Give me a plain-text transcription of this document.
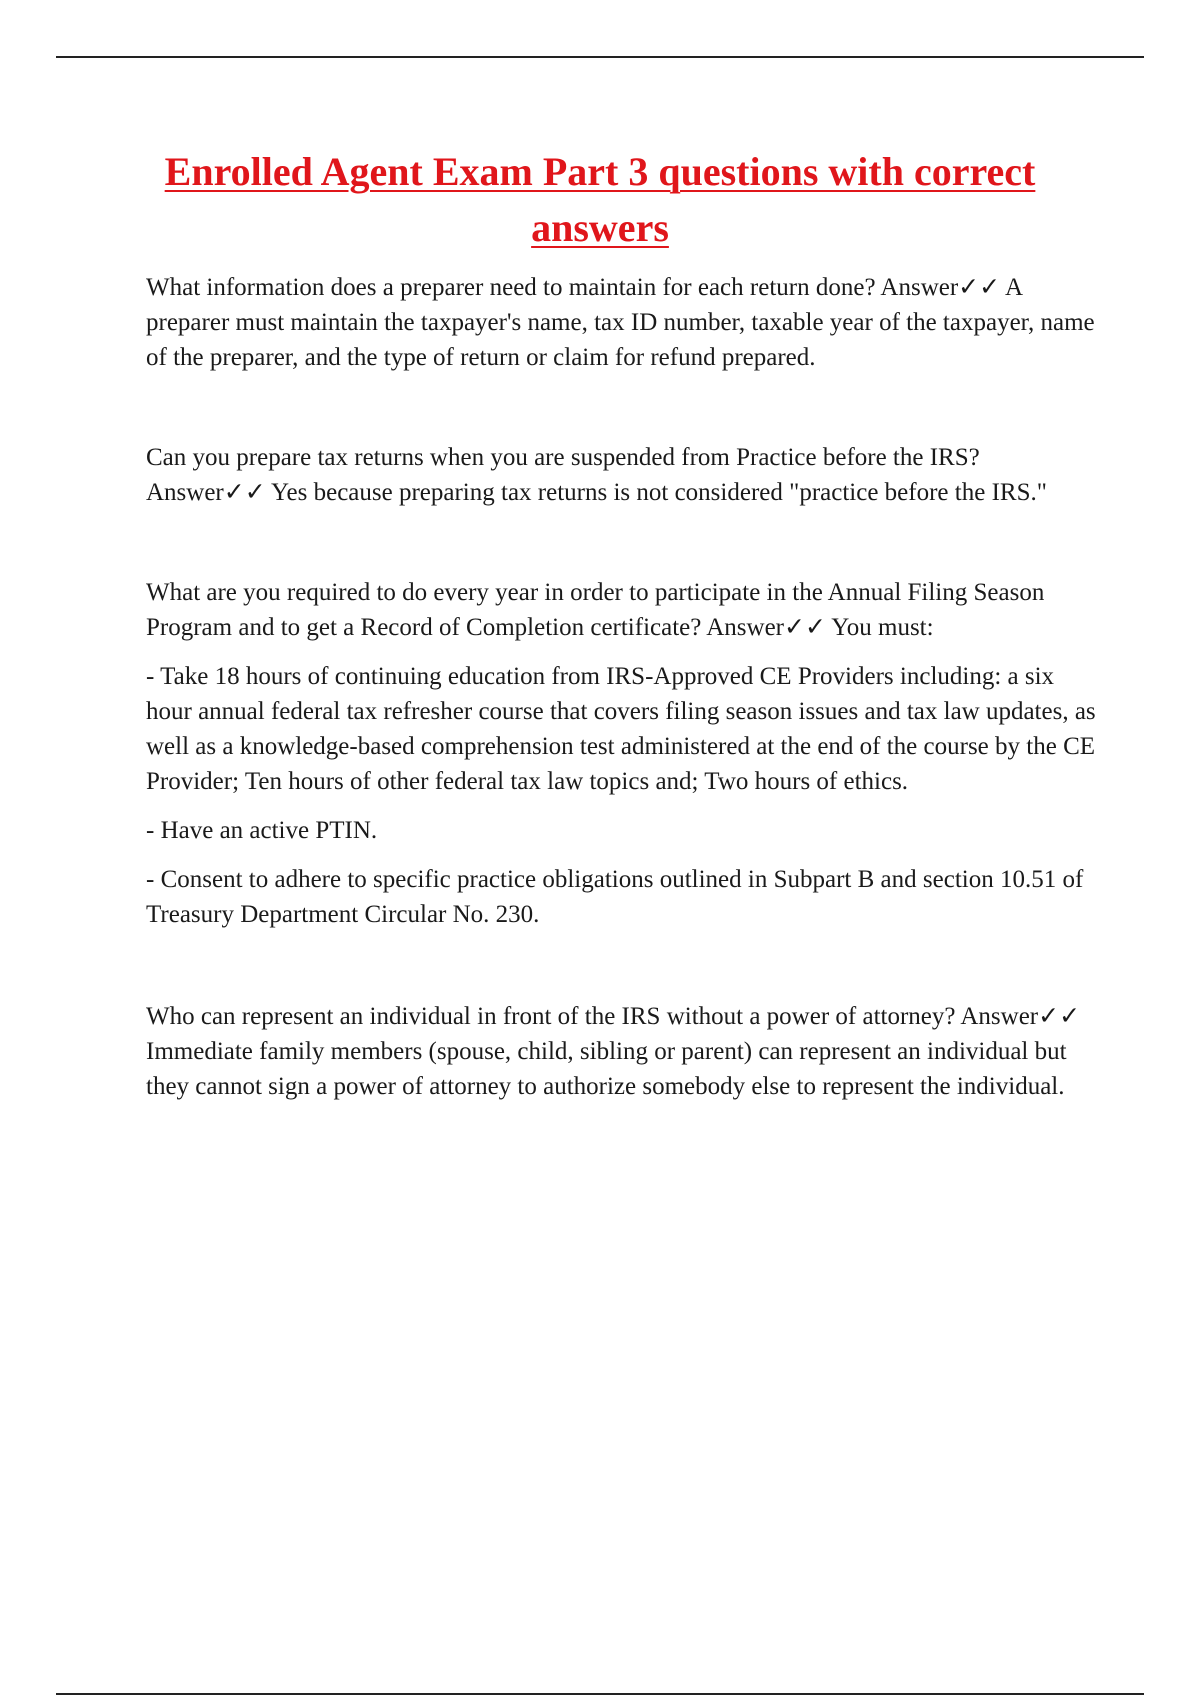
Enrolled Agent Exam Part 3 questions with correct answers

What information does a preparer need to maintain for each return done? Answer✓✓ A preparer must maintain the taxpayer's name, tax ID number, taxable year of the taxpayer, name of the preparer, and the type of return or claim for refund prepared.

Can you prepare tax returns when you are suspended from Practice before the IRS? Answer✓✓ Yes because preparing tax returns is not considered "practice before the IRS."

What are you required to do every year in order to participate in the Annual Filing Season Program and to get a Record of Completion certificate? Answer✓✓ You must:

- Take 18 hours of continuing education from IRS-Approved CE Providers including: a six hour annual federal tax refresher course that covers filing season issues and tax law updates, as well as a knowledge-based comprehension test administered at the end of the course by the CE Provider; Ten hours of other federal tax law topics and; Two hours of ethics.

- Have an active PTIN.

- Consent to adhere to specific practice obligations outlined in Subpart B and section 10.51 of Treasury Department Circular No. 230.

Who can represent an individual in front of the IRS without a power of attorney? Answer✓✓ Immediate family members (spouse, child, sibling or parent) can represent an individual but they cannot sign a power of attorney to authorize somebody else to represent the individual.
